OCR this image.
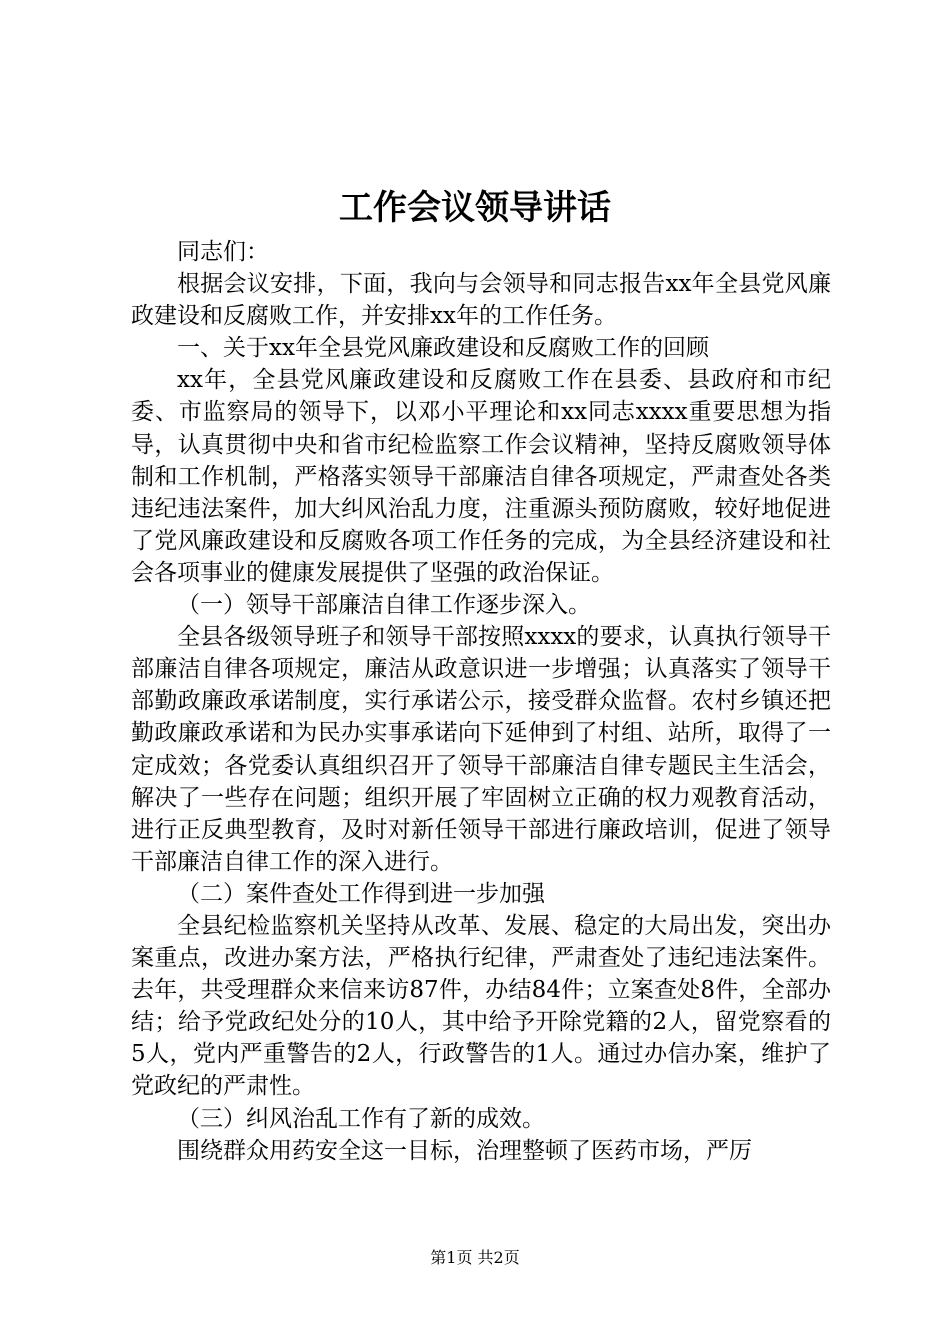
工作会议领导讲话

同志们：

根据会议安排，下面，我向与会领导和同志报告xx年全县党风廉政建设和反腐败工作，并安排xx年的工作任务。

一、关于xx年全县党风廉政建设和反腐败工作的回顾

xx年，全县党风廉政建设和反腐败工作在县委、县政府和市纪委、市监察局的领导下，以邓小平理论和xx同志xxxx重要思想为指导，认真贯彻中央和省市纪检监察工作会议精神，坚持反腐败领导体制和工作机制，严格落实领导干部廉洁自律各项规定，严肃查处各类违纪违法案件，加大纠风治乱力度，注重源头预防腐败，较好地促进了党风廉政建设和反腐败各项工作任务的完成，为全县经济建设和社会各项事业的健康发展提供了坚强的政治保证。

（一）领导干部廉洁自律工作逐步深入。

全县各级领导班子和领导干部按照xxxx的要求，认真执行领导干部廉洁自律各项规定，廉洁从政意识进一步增强；认真落实了领导干部勤政廉政承诺制度，实行承诺公示，接受群众监督。农村乡镇还把勤政廉政承诺和为民办实事承诺向下延伸到了村组、站所，取得了一定成效；各党委认真组织召开了领导干部廉洁自律专题民主生活会，解决了一些存在问题；组织开展了牢固树立正确的权力观教育活动，进行正反典型教育，及时对新任领导干部进行廉政培训，促进了领导干部廉洁自律工作的深入进行。

（二）案件查处工作得到进一步加强

全县纪检监察机关坚持从改革、发展、稳定的大局出发，突出办案重点，改进办案方法，严格执行纪律，严肃查处了违纪违法案件。去年，共受理群众来信来访87件，办结84件；立案查处8件，全部办结；给予党政纪处分的10人，其中给予开除党籍的2人，留党察看的5人，党内严重警告的2人，行政警告的1人。通过办信办案，维护了党政纪的严肃性。

（三）纠风治乱工作有了新的成效。

围绕群众用药安全这一目标，治理整顿了医药市场，严厉

第1页 共2页
